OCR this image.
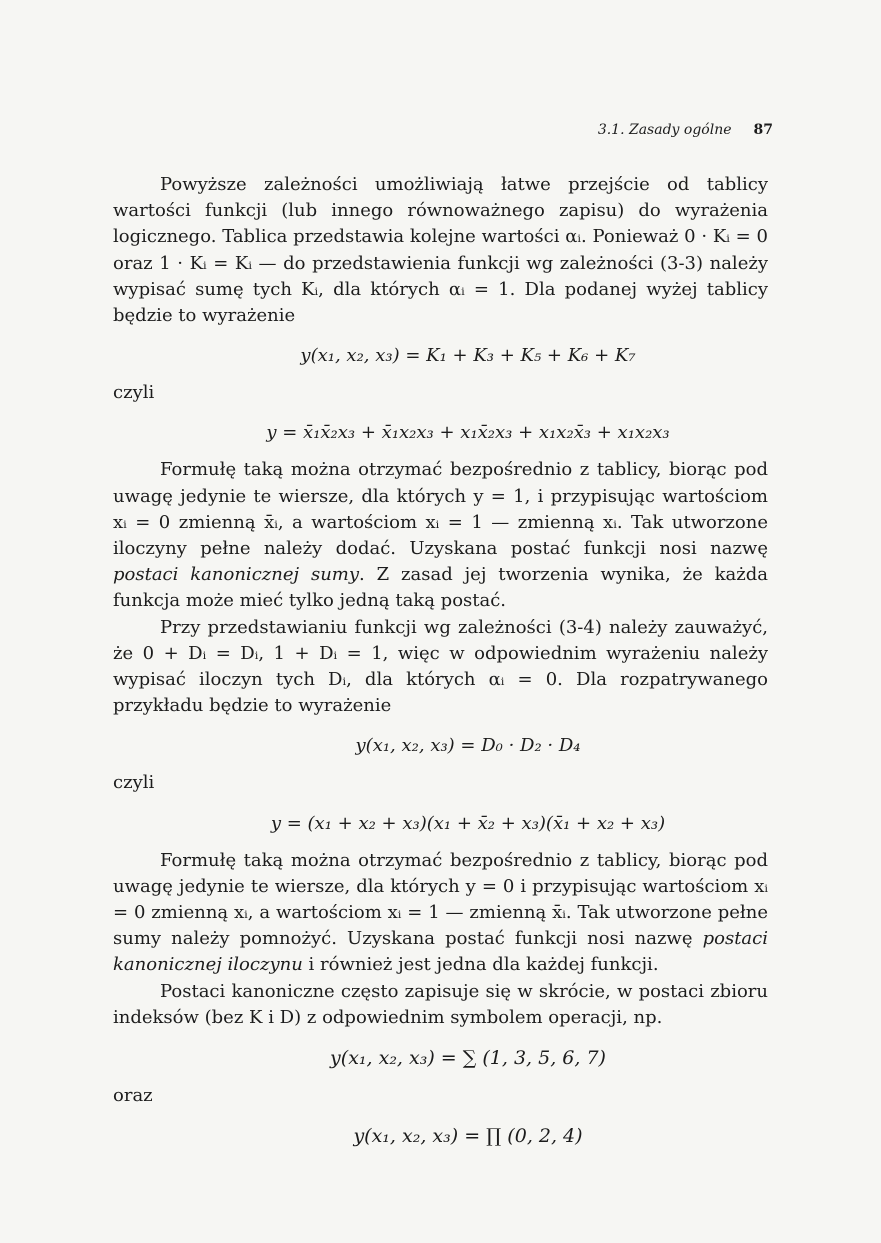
3.1. Zasady ogólne 87

Powyższe zależności umożliwiają łatwe przejście od tablicy wartości funkcji (lub innego równoważnego zapisu) do wyrażenia logicznego. Tablica przedstawia kolejne wartości αᵢ. Ponieważ 0 · Kᵢ = 0 oraz 1 · Kᵢ = Kᵢ — do przedstawienia funkcji wg zależności (3-3) należy wypisać sumę tych Kᵢ, dla których αᵢ = 1. Dla podanej wyżej tablicy będzie to wyrażenie

y(x₁, x₂, x₃) = K₁ + K₃ + K₅ + K₆ + K₇

czyli

y = x̄₁x̄₂x₃ + x̄₁x₂x₃ + x₁x̄₂x₃ + x₁x₂x̄₃ + x₁x₂x₃

Formułę taką można otrzymać bezpośrednio z tablicy, biorąc pod uwagę jedynie te wiersze, dla których y = 1, i przypisując wartościom xᵢ = 0 zmienną x̄ᵢ, a wartościom xᵢ = 1 — zmienną xᵢ. Tak utworzone iloczyny pełne należy dodać. Uzyskana postać funkcji nosi nazwę postaci kanonicznej sumy. Z zasad jej tworzenia wynika, że każda funkcja może mieć tylko jedną taką postać.

Przy przedstawianiu funkcji wg zależności (3-4) należy zauważyć, że 0 + Dᵢ = Dᵢ, 1 + Dᵢ = 1, więc w odpowiednim wyrażeniu należy wypisać iloczyn tych Dᵢ, dla których αᵢ = 0. Dla rozpatrywanego przykładu będzie to wyrażenie

y(x₁, x₂, x₃) = D₀ · D₂ · D₄

czyli

y = (x₁ + x₂ + x₃)(x₁ + x̄₂ + x₃)(x̄₁ + x₂ + x₃)

Formułę taką można otrzymać bezpośrednio z tablicy, biorąc pod uwagę jedynie te wiersze, dla których y = 0 i przypisując wartościom xᵢ = 0 zmienną xᵢ, a wartościom xᵢ = 1 — zmienną x̄ᵢ. Tak utworzone pełne sumy należy pomnożyć. Uzyskana postać funkcji nosi nazwę postaci kanonicznej iloczynu i również jest jedna dla każdej funkcji.

Postaci kanoniczne często zapisuje się w skrócie, w postaci zbioru indeksów (bez K i D) z odpowiednim symbolem operacji, np.

y(x₁, x₂, x₃) = ∑ (1, 3, 5, 6, 7)

oraz

y(x₁, x₂, x₃) = ∏ (0, 2, 4)
